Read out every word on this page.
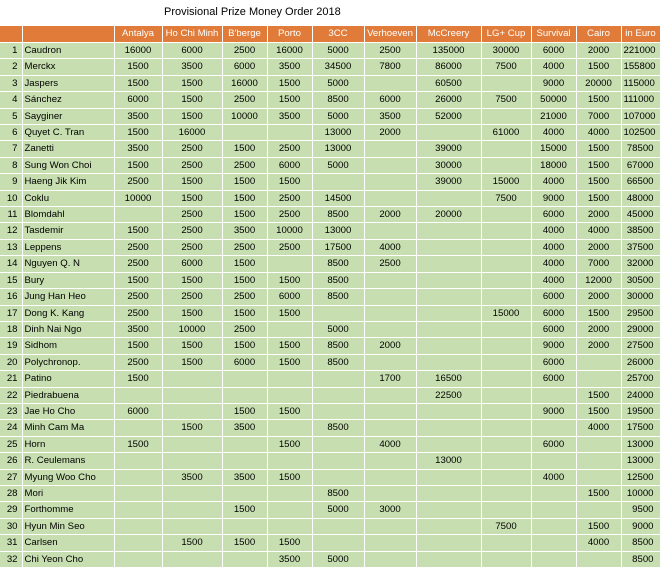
Provisional Prize Money Order 2018
		Antalya	Ho Chi Minh	B'berge	Porto	3CC	Verhoeven	McCreery	LG+ Cup	Survival	Cairo	in Euro
1	Caudron	16000	6000	2500	16000	5000	2500	135000	30000	6000	2000	221000
2	Merckx	1500	3500	6000	3500	34500	7800	86000	7500	4000	1500	155800
3	Jaspers	1500	1500	16000	1500	5000		60500		9000	20000	115000
4	Sánchez	6000	1500	2500	1500	8500	6000	26000	7500	50000	1500	111000
5	Sayginer	3500	1500	10000	3500	5000	3500	52000		21000	7000	107000
6	Quyet C. Tran	1500	16000			13000	2000		61000	4000	4000	102500
7	Zanetti	3500	2500	1500	2500	13000		39000		15000	1500	78500
8	Sung Won Choi	1500	2500	2500	6000	5000		30000		18000	1500	67000
9	Haeng Jik Kim	2500	1500	1500	1500			39000	15000	4000	1500	66500
10	Coklu	10000	1500	1500	2500	14500			7500	9000	1500	48000
11	Blomdahl		2500	1500	2500	8500	2000	20000		6000	2000	45000
12	Tasdemir	1500	2500	3500	10000	13000				4000	4000	38500
13	Leppens	2500	2500	2500	2500	17500	4000			4000	2000	37500
14	Nguyen Q. N	2500	6000	1500		8500	2500			4000	7000	32000
15	Bury	1500	1500	1500	1500	8500				4000	12000	30500
16	Jung Han Heo	2500	2500	2500	6000	8500				6000	2000	30000
17	Dong K. Kang	2500	1500	1500	1500				15000	6000	1500	29500
18	Dinh Nai Ngo	3500	10000	2500		5000				6000	2000	29000
19	Sidhom	1500	1500	1500	1500	8500	2000			9000	2000	27500
20	Polychronop.	2500	1500	6000	1500	8500				6000		26000
21	Patino	1500					1700	16500		6000		25700
22	Piedrabuena							22500			1500	24000
23	Jae Ho Cho	6000		1500	1500					9000	1500	19500
24	Minh Cam Ma		1500	3500		8500					4000	17500
25	Horn	1500			1500		4000			6000		13000
26	R. Ceulemans							13000				13000
27	Myung Woo Cho		3500	3500	1500					4000		12500
28	Mori					8500					1500	10000
29	Forthomme			1500		5000	3000					9500
30	Hyun Min Seo								7500		1500	9000
31	Carlsen		1500	1500	1500						4000	8500
32	Chi Yeon Cho				3500	5000						8500
